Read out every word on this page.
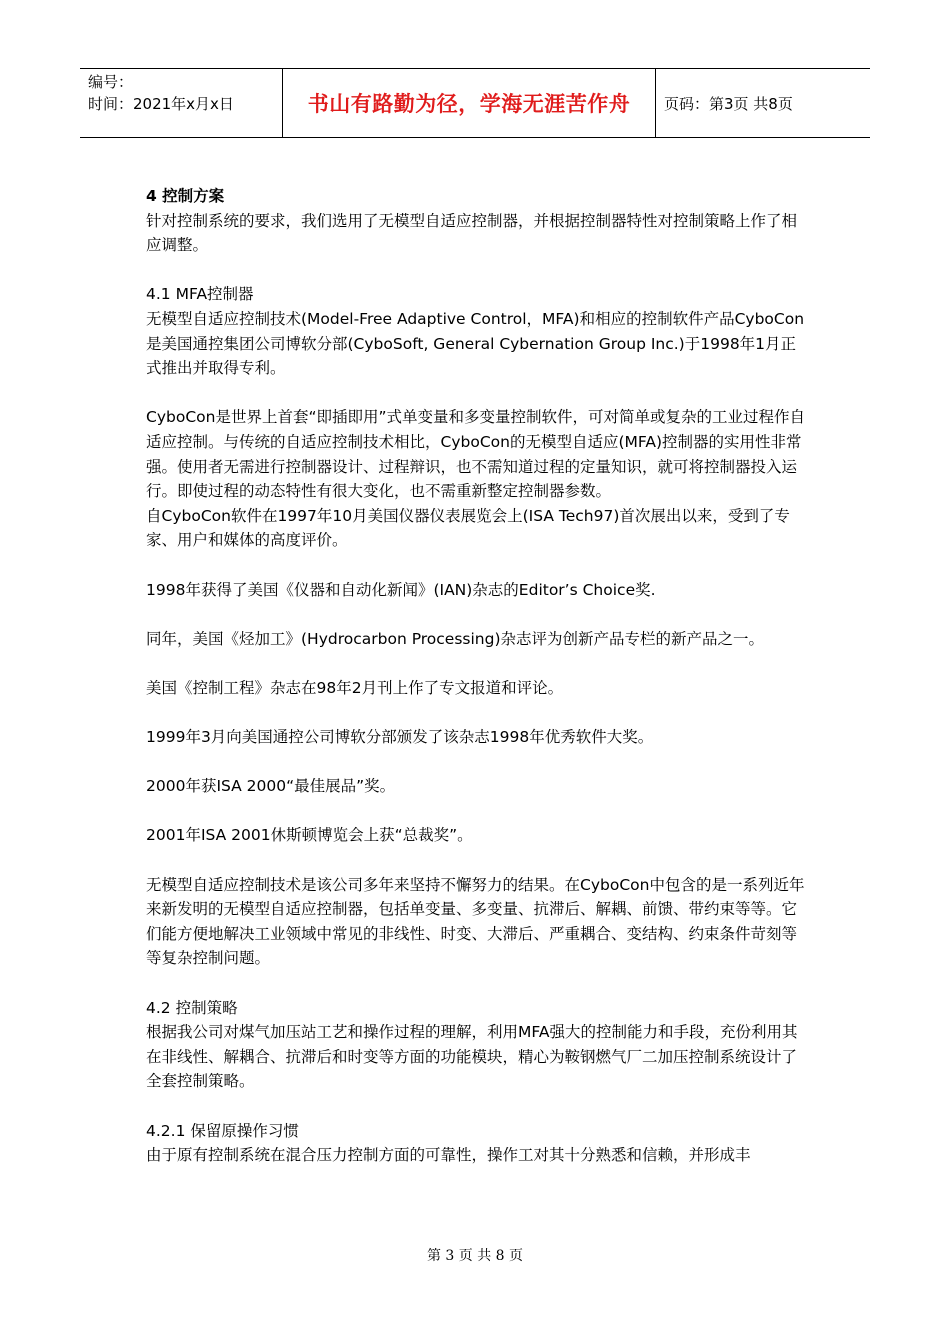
编号：
时间：2021年x月x日	书山有路勤为径，学海无涯苦作舟 页码：第3页 共8页

4 控制方案

针对控制系统的要求，我们选用了无模型自适应控制器，并根据控制器特性对控制策略上作了相应调整。

4.1 MFA控制器

无模型自适应控制技术(Model-Free Adaptive Control，MFA)和相应的控制软件产品CyboCon是美国通控集团公司博软分部(CyboSoft, General Cybernation Group Inc.)于1998年1月正式推出并取得专利。

CyboCon是世界上首套“即插即用”式单变量和多变量控制软件，可对简单或复杂的工业过程作自适应控制。与传统的自适应控制技术相比，CyboCon的无模型自适应(MFA)控制器的实用性非常强。使用者无需进行控制器设计、过程辩识，也不需知道过程的定量知识，就可将控制器投入运行。即使过程的动态特性有很大变化，也不需重新整定控制器参数。

自CyboCon软件在1997年10月美国仪器仪表展览会上(ISA Tech97)首次展出以来，受到了专家、用户和媒体的高度评价。

1998年获得了美国《仪器和自动化新闻》(IAN)杂志的Editor’s Choice奖.

同年，美国《烃加工》(Hydrocarbon Processing)杂志评为创新产品专栏的新产品之一。

美国《控制工程》杂志在98年2月刊上作了专文报道和评论。

1999年3月向美国通控公司博软分部颁发了该杂志1998年优秀软件大奖。

2000年获ISA 2000“最佳展品”奖。

2001年ISA 2001休斯顿博览会上获“总裁奖”。

无模型自适应控制技术是该公司多年来坚持不懈努力的结果。在CyboCon中包含的是一系列近年来新发明的无模型自适应控制器，包括单变量、多变量、抗滞后、解耦、前馈、带约束等等。它们能方便地解决工业领域中常见的非线性、时变、大滞后、严重耦合、变结构、约束条件苛刻等等复杂控制问题。

4.2 控制策略

根据我公司对煤气加压站工艺和操作过程的理解，利用MFA强大的控制能力和手段，充份利用其在非线性、解耦合、抗滞后和时变等方面的功能模块，精心为鞍钢燃气厂二加压控制系统设计了全套控制策略。

4.2.1 保留原操作习惯

由于原有控制系统在混合压力控制方面的可靠性，操作工对其十分熟悉和信赖，并形成丰

第 3 页 共 8 页
